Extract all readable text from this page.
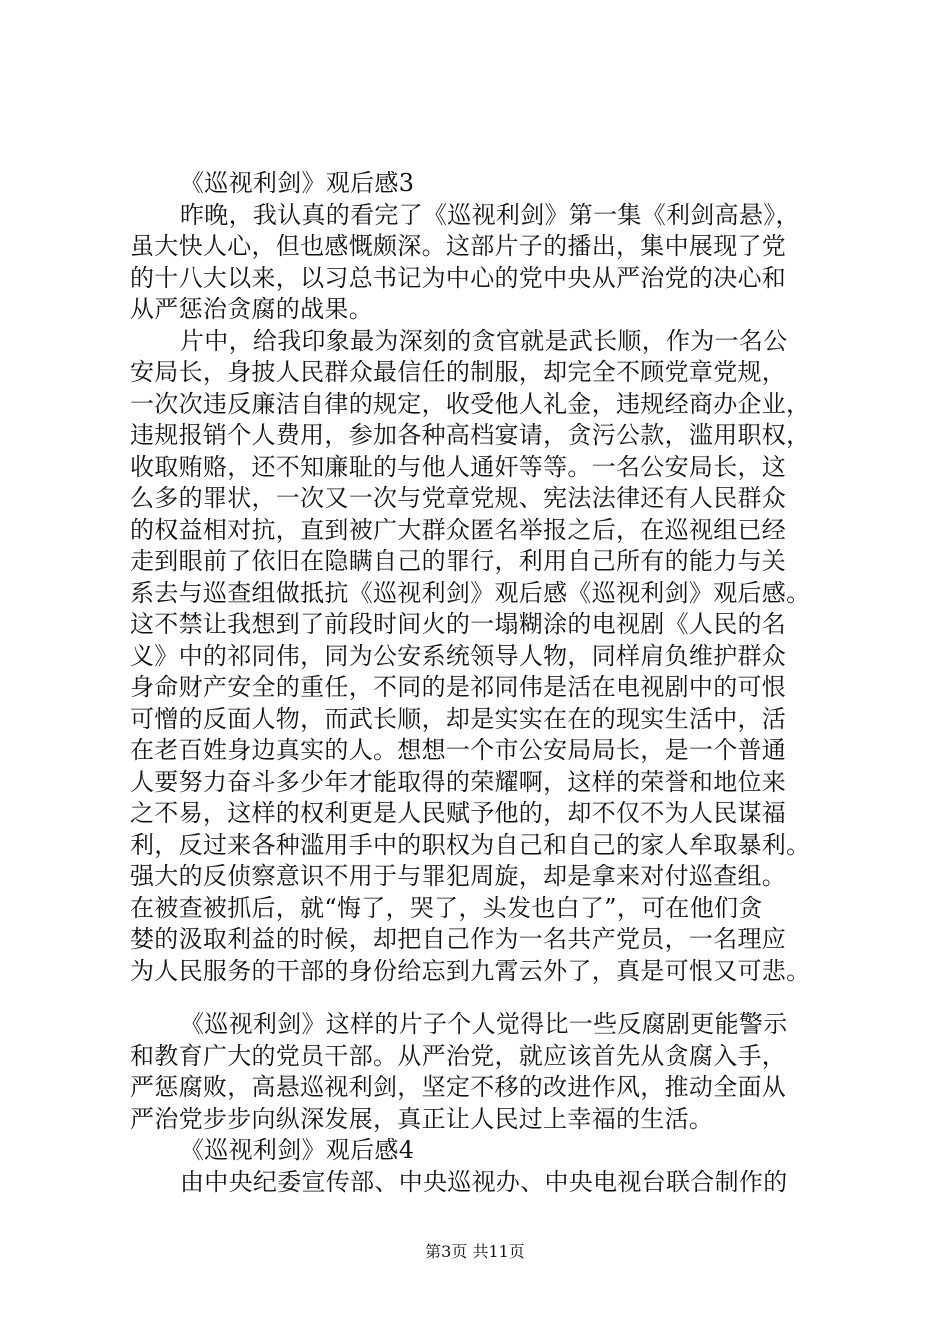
《巡视利剑》观后感3
昨晚，我认真的看完了《巡视利剑》第一集《利剑高悬》，
虽大快人心，但也感慨颇深。这部片子的播出，集中展现了党
的十八大以来，以习总书记为中心的党中央从严治党的决心和
从严惩治贪腐的战果。
片中，给我印象最为深刻的贪官就是武长顺，作为一名公
安局长，身披人民群众最信任的制服，却完全不顾党章党规，
一次次违反廉洁自律的规定，收受他人礼金，违规经商办企业，
违规报销个人费用，参加各种高档宴请，贪污公款，滥用职权，
收取贿赂，还不知廉耻的与他人通奸等等。一名公安局长，这
么多的罪状，一次又一次与党章党规、宪法法律还有人民群众
的权益相对抗，直到被广大群众匿名举报之后，在巡视组已经
走到眼前了依旧在隐瞒自己的罪行，利用自己所有的能力与关
系去与巡查组做抵抗《巡视利剑》观后感《巡视利剑》观后感。
这不禁让我想到了前段时间火的一塌糊涂的电视剧《人民的名
义》中的祁同伟，同为公安系统领导人物，同样肩负维护群众
身命财产安全的重任，不同的是祁同伟是活在电视剧中的可恨
可憎的反面人物，而武长顺，却是实实在在的现实生活中，活
在老百姓身边真实的人。想想一个市公安局局长，是一个普通
人要努力奋斗多少年才能取得的荣耀啊，这样的荣誉和地位来
之不易，这样的权利更是人民赋予他的，却不仅不为人民谋福
利，反过来各种滥用手中的职权为自己和自己的家人牟取暴利。
强大的反侦察意识不用于与罪犯周旋，却是拿来对付巡查组。
在被查被抓后，就“悔了，哭了，头发也白了”，可在他们贪
婪的汲取利益的时候，却把自己作为一名共产党员，一名理应
为人民服务的干部的身份给忘到九霄云外了，真是可恨又可悲。
《巡视利剑》这样的片子个人觉得比一些反腐剧更能警示
和教育广大的党员干部。从严治党，就应该首先从贪腐入手，
严惩腐败，高悬巡视利剑，坚定不移的改进作风，推动全面从
严治党步步向纵深发展，真正让人民过上幸福的生活。
《巡视利剑》观后感4
由中央纪委宣传部、中央巡视办、中央电视台联合制作的
第3页 共11页
